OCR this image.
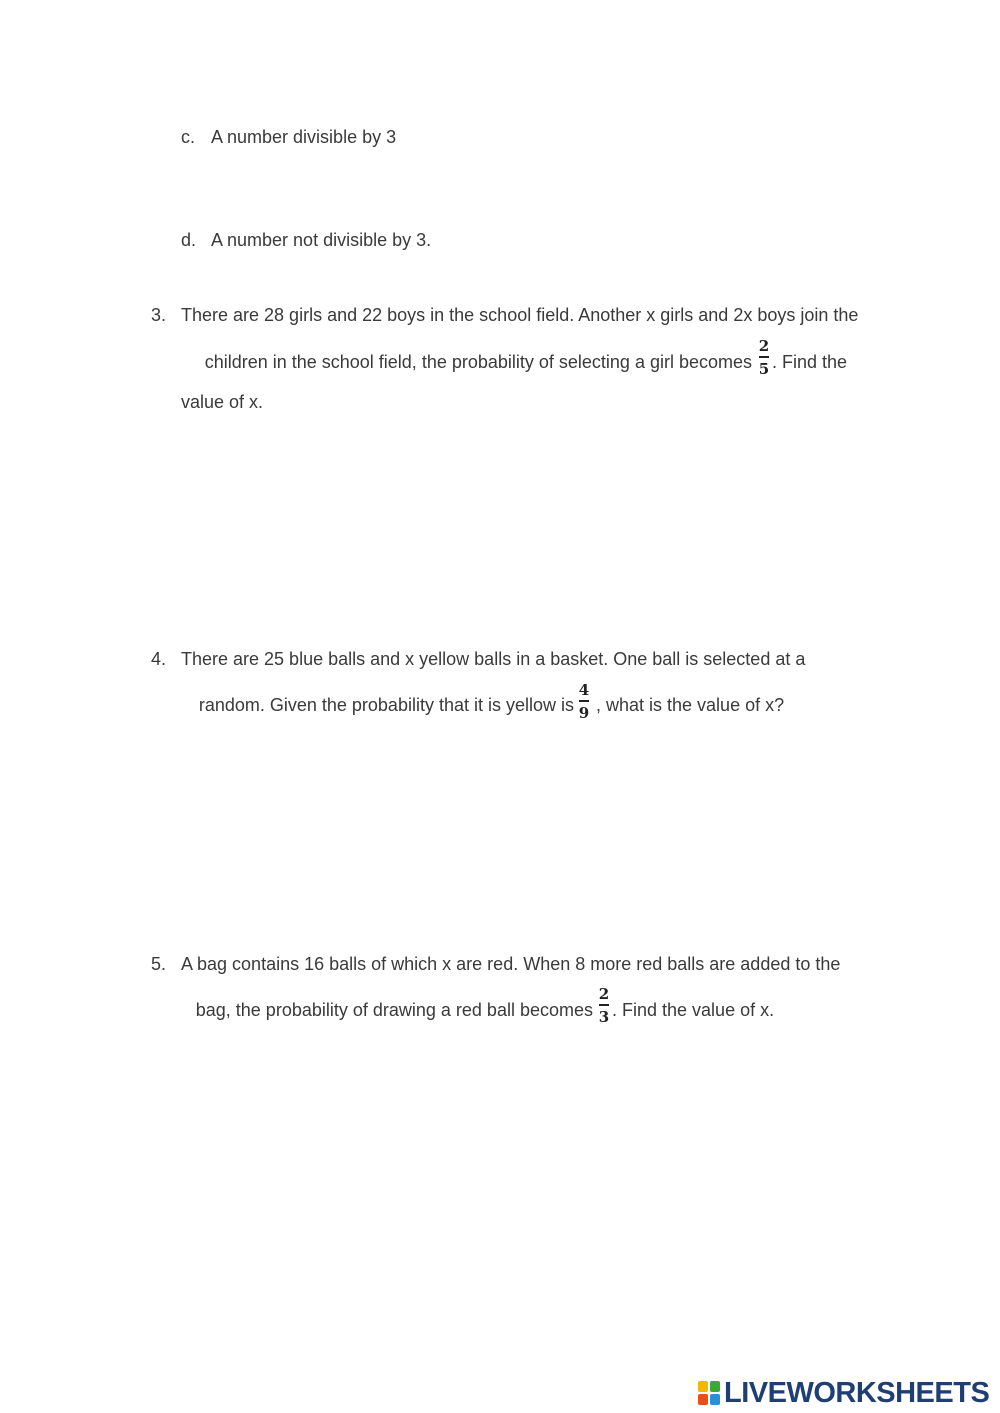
c. A number divisible by 3
d. A number not divisible by 3.
3. There are 28 girls and 22 boys in the school field. Another x girls and 2x boys join the
children in the school field, the probability of selecting a girl becomes
2
5 . Find the
value of x.
4. There are 25 blue balls and x yellow balls in a basket. One ball is selected at a
random. Given the probability that it is yellow is
4
9 , what is the value of x?
5. A bag contains 16 balls of which x are red. When 8 more red balls are added to the
bag, the probability of drawing a red ball becomes
2
3 . Find the value of x.
LIVEWORKSHEETS
